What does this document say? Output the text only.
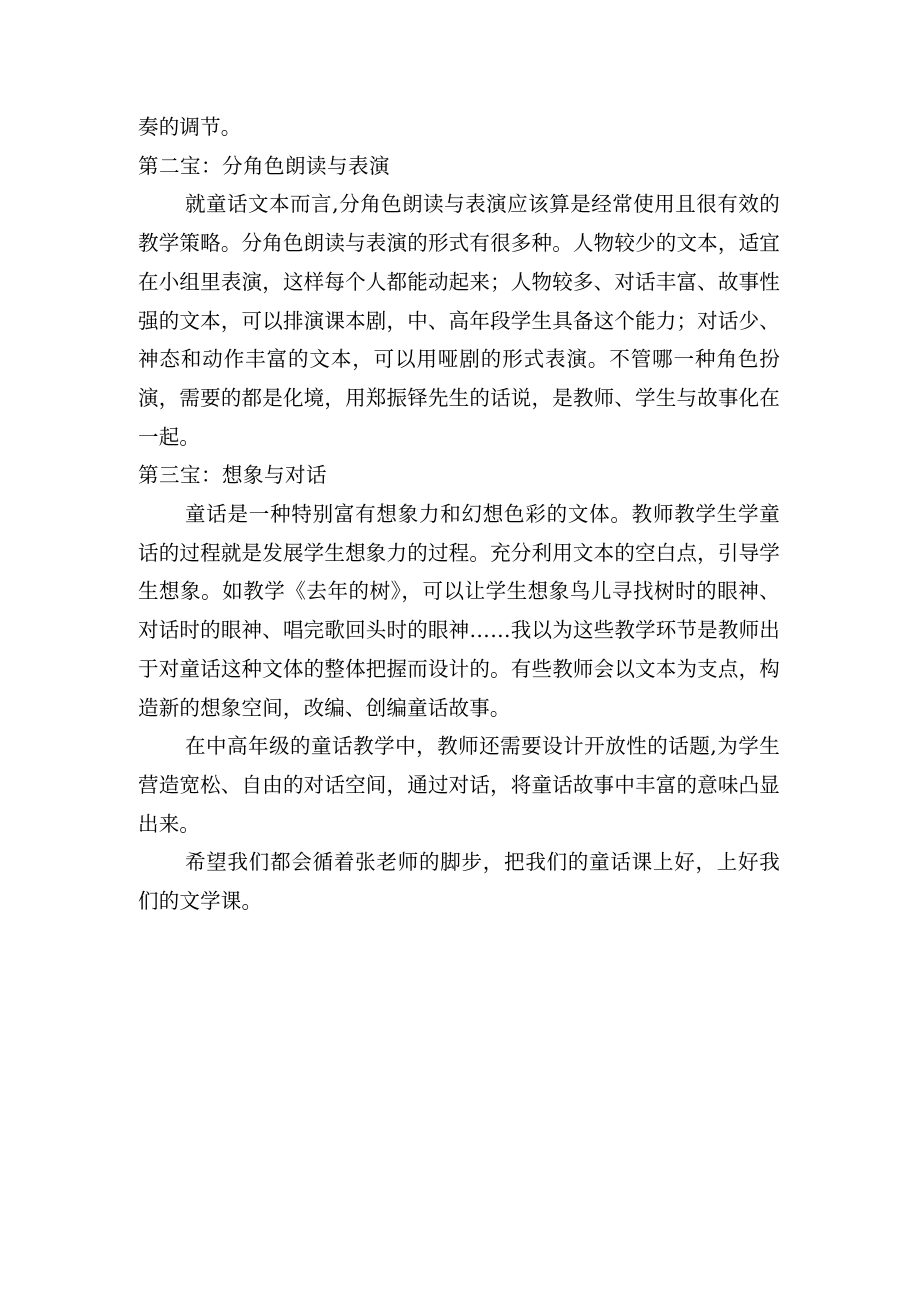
奏的调节。

第二宝：分角色朗读与表演

就童话文本而言,分角色朗读与表演应该算是经常使用且很有效的教学策略。分角色朗读与表演的形式有很多种。人物较少的文本，适宜在小组里表演，这样每个人都能动起来；人物较多、对话丰富、故事性强的文本，可以排演课本剧，中、高年段学生具备这个能力；对话少、神态和动作丰富的文本，可以用哑剧的形式表演。不管哪一种角色扮演，需要的都是化境，用郑振铎先生的话说，是教师、学生与故事化在一起。

第三宝：想象与对话

童话是一种特别富有想象力和幻想色彩的文体。教师教学生学童话的过程就是发展学生想象力的过程。充分利用文本的空白点，引导学生想象。如教学《去年的树》，可以让学生想象鸟儿寻找树时的眼神、对话时的眼神、唱完歌回头时的眼神……我以为这些教学环节是教师出于对童话这种文体的整体把握而设计的。有些教师会以文本为支点，构造新的想象空间，改编、创编童话故事。

在中高年级的童话教学中，教师还需要设计开放性的话题,为学生营造宽松、自由的对话空间，通过对话，将童话故事中丰富的意味凸显出来。

希望我们都会循着张老师的脚步，把我们的童话课上好，上好我们的文学课。
